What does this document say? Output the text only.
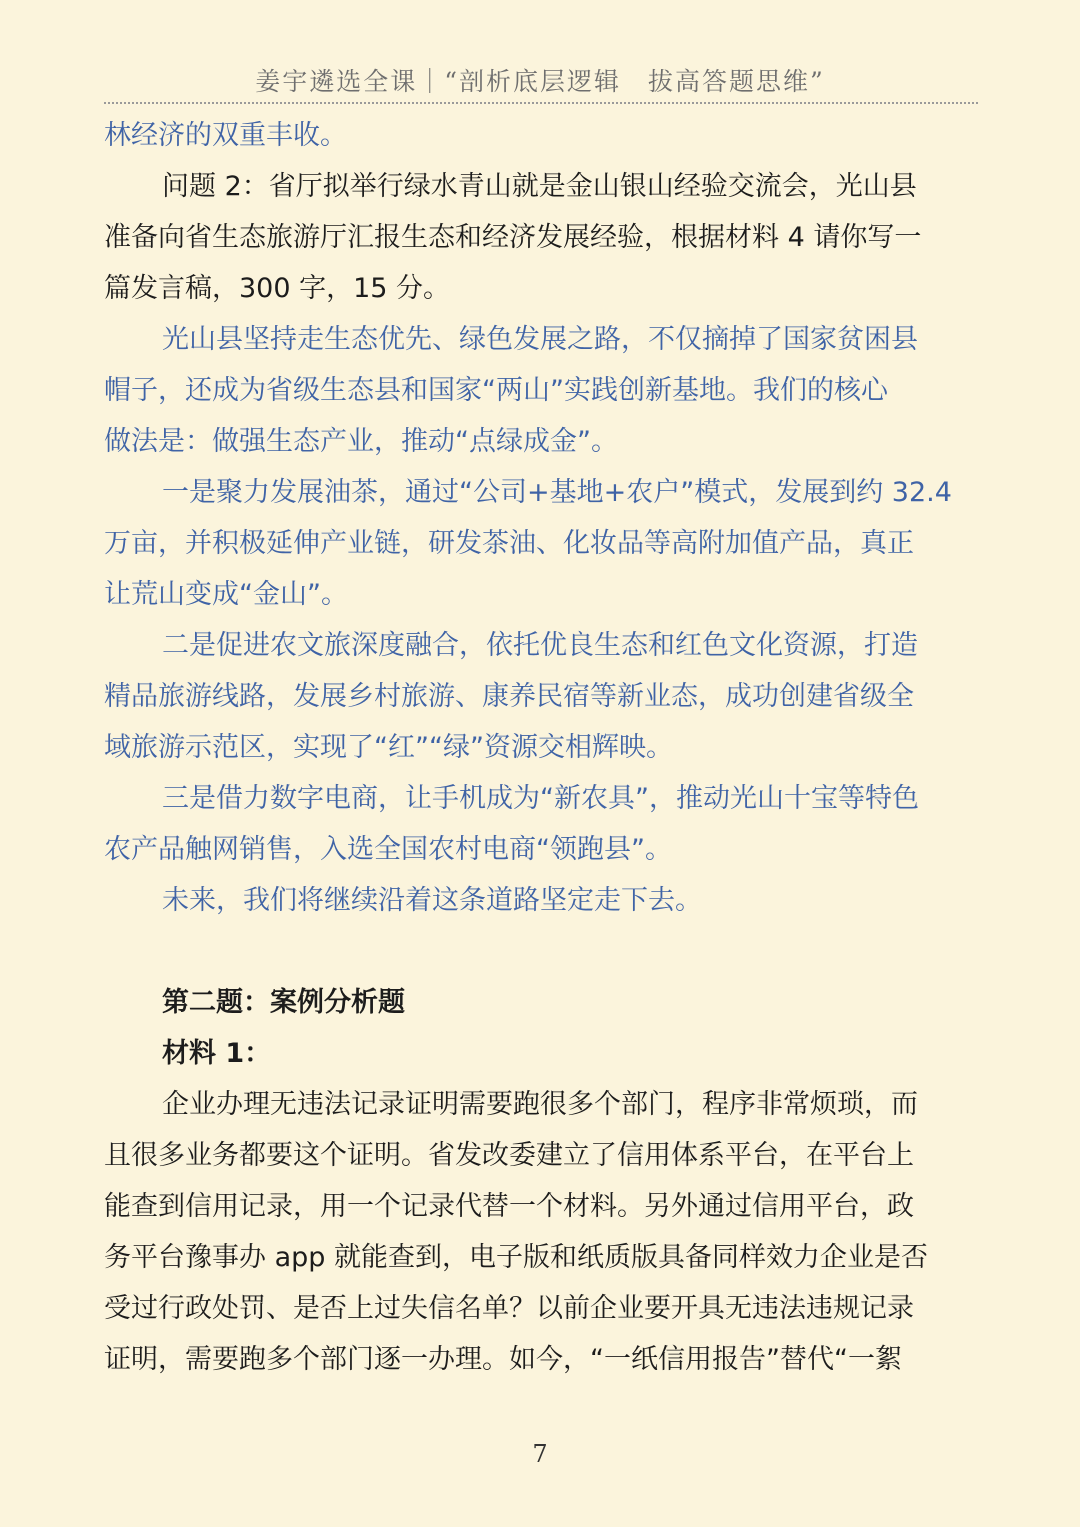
姜宇遴选全课｜“剖析底层逻辑　拔高答题思维”
林经济的双重丰收。
问题 2：省厅拟举行绿水青山就是金山银山经验交流会，光山县
准备向省生态旅游厅汇报生态和经济发展经验，根据材料 4 请你写一
篇发言稿，300 字，15 分。
光山县坚持走生态优先、绿色发展之路，不仅摘掉了国家贫困县
帽子，还成为省级生态县和国家“两山”实践创新基地。我们的核心
做法是：做强生态产业，推动“点绿成金”。
一是聚力发展油茶，通过“公司+基地+农户”模式，发展到约 32.4
万亩，并积极延伸产业链，研发茶油、化妆品等高附加值产品，真正
让荒山变成“金山”。
二是促进农文旅深度融合，依托优良生态和红色文化资源，打造
精品旅游线路，发展乡村旅游、康养民宿等新业态，成功创建省级全
域旅游示范区，实现了“红”“绿”资源交相辉映。
三是借力数字电商，让手机成为“新农具”，推动光山十宝等特色
农产品触网销售，入选全国农村电商“领跑县”。
未来，我们将继续沿着这条道路坚定走下去。
第二题：案例分析题
材料 1：
企业办理无违法记录证明需要跑很多个部门，程序非常烦琐，而
且很多业务都要这个证明。省发改委建立了信用体系平台，在平台上
能查到信用记录，用一个记录代替一个材料。另外通过信用平台，政
务平台豫事办 app 就能查到，电子版和纸质版具备同样效力企业是否
受过行政处罚、是否上过失信名单？以前企业要开具无违法违规记录
证明，需要跑多个部门逐一办理。如今，“一纸信用报告”替代“一絮
7
